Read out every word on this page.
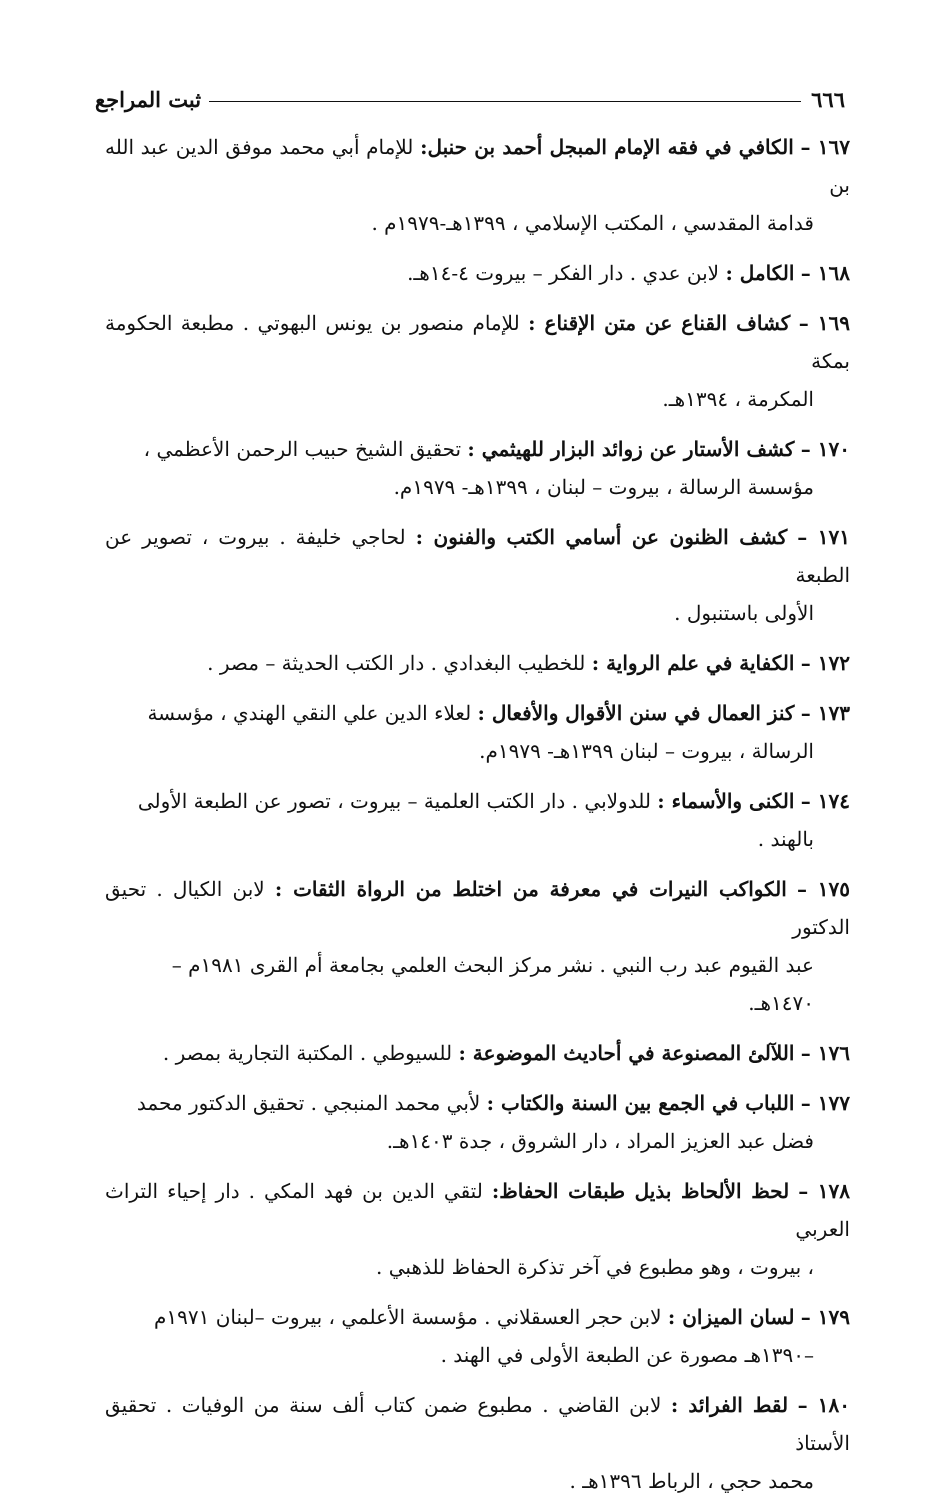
٦٦٦
ثبت المراجع
١٦٧ – الكافي في فقه الإمام المبجل أحمد بن حنبل: للإمام أبي محمد موفق الدين عبد الله بن
قدامة المقدسي ، المكتب الإسلامي ، ١٣٩٩هـ-١٩٧٩م .
١٦٨ – الكامل : لابن عدي . دار الفكر – بيروت ٤-١٤هـ.
١٦٩ – كشاف القناع عن متن الإقناع : للإمام منصور بن يونس البهوتي . مطبعة الحكومة بمكة
المكرمة ، ١٣٩٤هـ.
١٧٠ – كشف الأستار عن زوائد البزار للهيثمي : تحقيق الشيخ حبيب الرحمن الأعظمي ،
مؤسسة الرسالة ، بيروت – لبنان ، ١٣٩٩هـ- ١٩٧٩م.
١٧١ – كشف الظنون عن أسامي الكتب والفنون : لحاجي خليفة . بيروت ، تصوير عن الطبعة
الأولى باستنبول .
١٧٢ – الكفاية في علم الرواية : للخطيب البغدادي . دار الكتب الحديثة – مصر .
١٧٣ – كنز العمال في سنن الأقوال والأفعال : لعلاء الدين علي النقي الهندي ، مؤسسة
الرسالة ، بيروت – لبنان ١٣٩٩هـ- ١٩٧٩م.
١٧٤ – الكنى والأسماء : للدولابي . دار الكتب العلمية – بيروت ، تصور عن الطبعة الأولى
بالهند .
١٧٥ – الكواكب النيرات في معرفة من اختلط من الرواة الثقات : لابن الكيال . تحيق الدكتور
عبد القيوم عبد رب النبي . نشر مركز البحث العلمي بجامعة أم القرى ١٩٨١م –
١٤٧٠هـ.
١٧٦ – اللآلئ المصنوعة في أحاديث الموضوعة : للسيوطي . المكتبة التجارية بمصر .
١٧٧ – اللباب في الجمع بين السنة والكتاب : لأبي محمد المنبجي . تحقيق الدكتور محمد
فضل عبد العزيز المراد ، دار الشروق ، جدة ١٤٠٣هـ.
١٧٨ – لحظ الألحاظ بذيل طبقات الحفاظ: لتقي الدين بن فهد المكي . دار إحياء التراث العربي
، بيروت ، وهو مطبوع في آخر تذكرة الحفاظ للذهبي .
١٧٩ – لسان الميزان : لابن حجر العسقلاني . مؤسسة الأعلمي ، بيروت –لبنان ١٩٧١م
–١٣٩٠هـ مصورة عن الطبعة الأولى في الهند .
١٨٠ – لقط الفرائد : لابن القاضي . مطبوع ضمن كتاب ألف سنة من الوفيات . تحقيق الأستاذ
محمد حجي ، الرباط ١٣٩٦هـ .
